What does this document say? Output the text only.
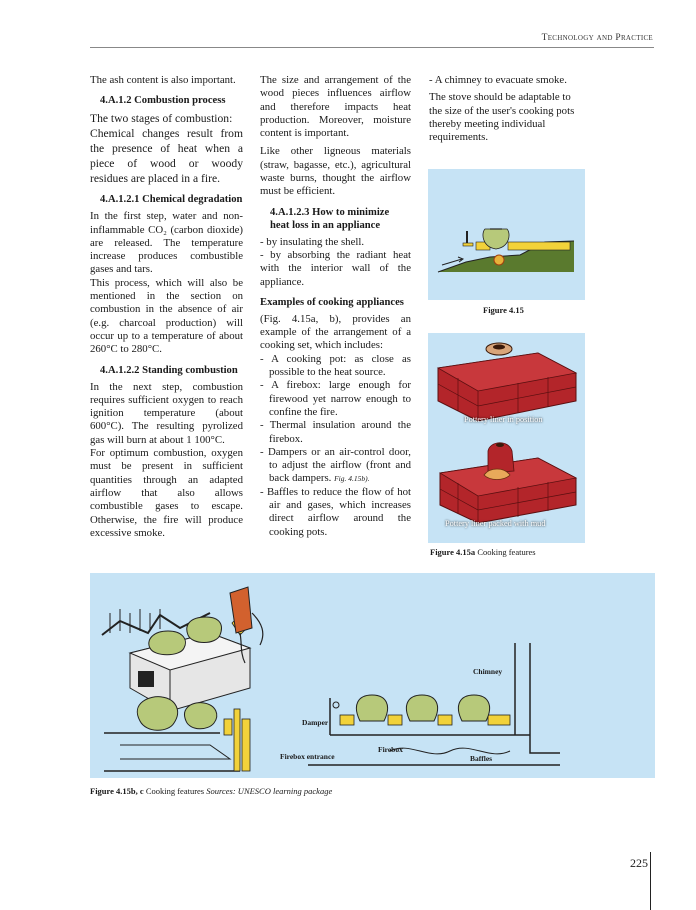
Technology and Practice

The ash content is also important.

4.A.1.2 Combustion process

The two stages of combustion:

Chemical changes result from the presence of heat when a piece of wood or woody residues are placed in a fire.

4.A.1.2.1 Chemical degradation

In the first step, water and non-inflammable CO₂ (carbon dioxide) are released. The temperature increase produces combustible gases and tars.

This process, which will also be mentioned in the section on combustion in the absence of air (e.g. charcoal production) will occur up to a temperature of about 260°C to 280°C.

4.A.1.2.2 Standing combustion

In the next step, combustion requires sufficient oxygen to reach ignition temperature (about 600°C). The resulting pyrolized gas will burn at about 1 100°C.

For optimum combustion, oxygen must be present in sufficient quantities through an adapted airflow that also allows combustible gases to escape. Otherwise, the fire will produce excessive smoke.

The size and arrangement of the wood pieces influences airflow and therefore impacts heat production. Moreover, moisture content is important.

Like other ligneous materials (straw, bagasse, etc.), agricultural waste burns, thought the airflow must be efficient.

4.A.1.2.3 How to minimize heat loss in an appliance

- by insulating the shell.

- by absorbing the radiant heat with the interior wall of the appliance.

Examples of cooking appliances

(Fig. 4.15a, b), provides an example of the arrangement of a cooking set, which includes:

- A cooking pot: as close as possible to the heat source.

- A firebox: large enough for firewood yet narrow enough to confine the fire.

- Thermal insulation around the firebox.

- Dampers or an air-control door, to adjust the airflow (front and back dampers. Fig. 4.15b).

- Baffles to reduce the flow of hot air and gases, which increases direct airflow around the cooking pots.

- A chimney to evacuate smoke.

The stove should be adaptable to the size of the user's cooking pots thereby meeting individual requirements.

Figure 4.15
Pottery liner in position
Pottery liner packed with mud
Figure 4.15a Cooking features
Chimney
Damper
Firebox entrance
Firebox
Baffles
Figure 4.15b, c Cooking features Sources: UNESCO learning package
225
